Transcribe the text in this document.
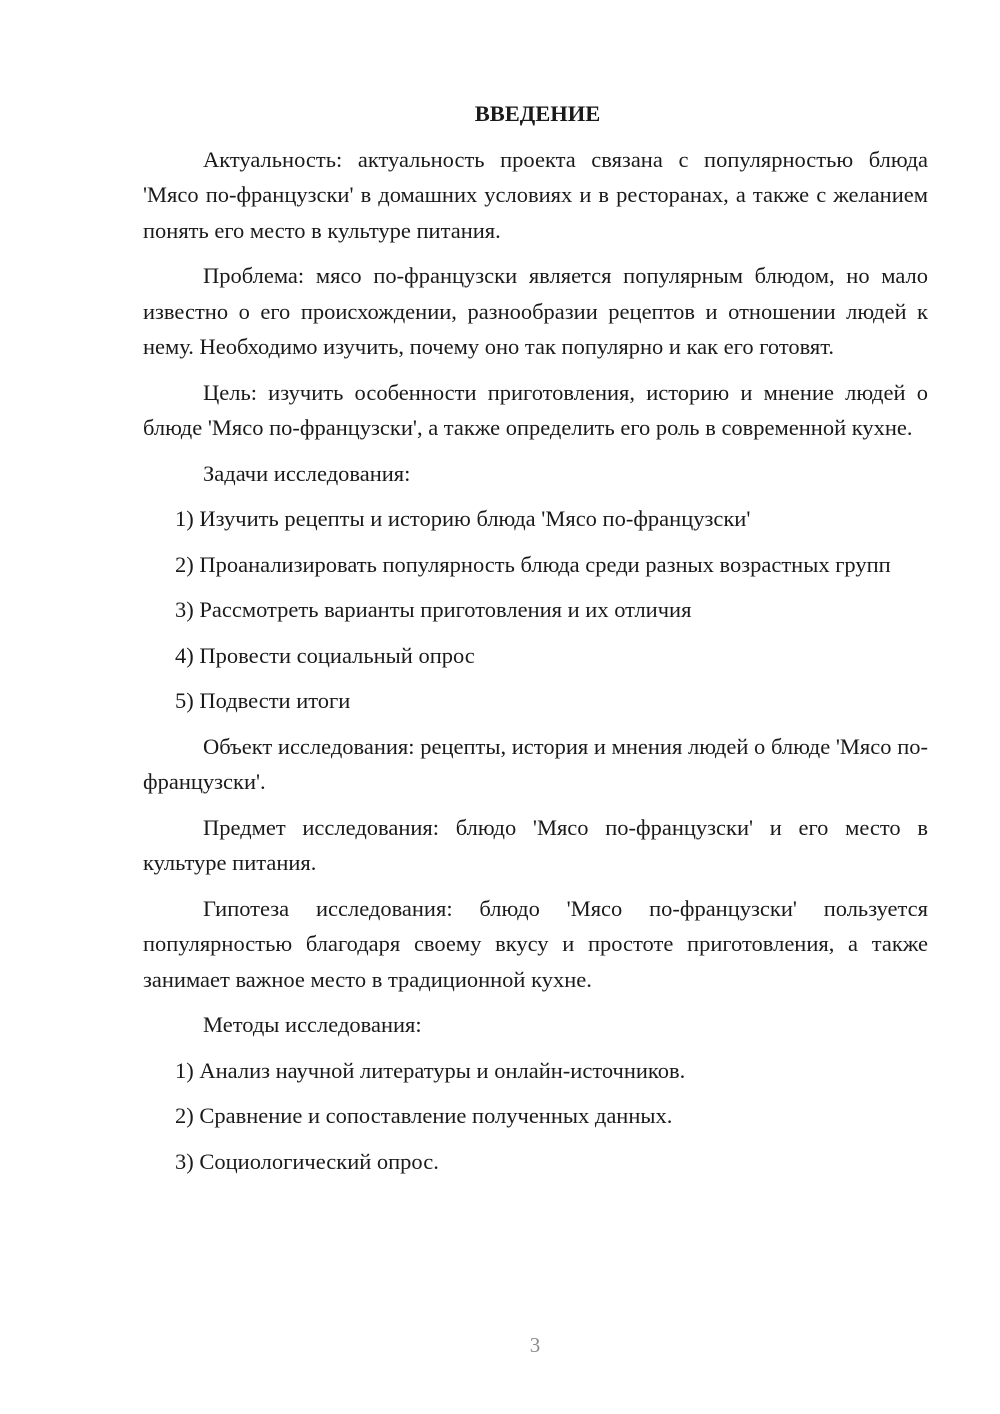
ВВЕДЕНИЕ

Актуальность: актуальность проекта связана с популярностью блюда 'Мясо по-французски' в домашних условиях и в ресторанах, а также с желанием понять его место в культуре питания.

Проблема: мясо по-французски является популярным блюдом, но мало известно о его происхождении, разнообразии рецептов и отношении людей к нему. Необходимо изучить, почему оно так популярно и как его готовят.

Цель: изучить особенности приготовления, историю и мнение людей о блюде 'Мясо по-французски', а также определить его роль в современной кухне.

Задачи исследования:

1) Изучить рецепты и историю блюда 'Мясо по-французски'

2) Проанализировать популярность блюда среди разных возрастных групп

3) Рассмотреть варианты приготовления и их отличия

4) Провести социальный опрос

5) Подвести итоги

Объект исследования: рецепты, история и мнения людей о блюде 'Мясо по-французски'.

Предмет исследования: блюдо 'Мясо по-французски' и его место в культуре питания.

Гипотеза исследования: блюдо 'Мясо по-французски' пользуется популярностью благодаря своему вкусу и простоте приготовления, а также занимает важное место в традиционной кухне.

Методы исследования:

1) Анализ научной литературы и онлайн-источников.

2) Сравнение и сопоставление полученных данных.

3) Социологический опрос.

3
